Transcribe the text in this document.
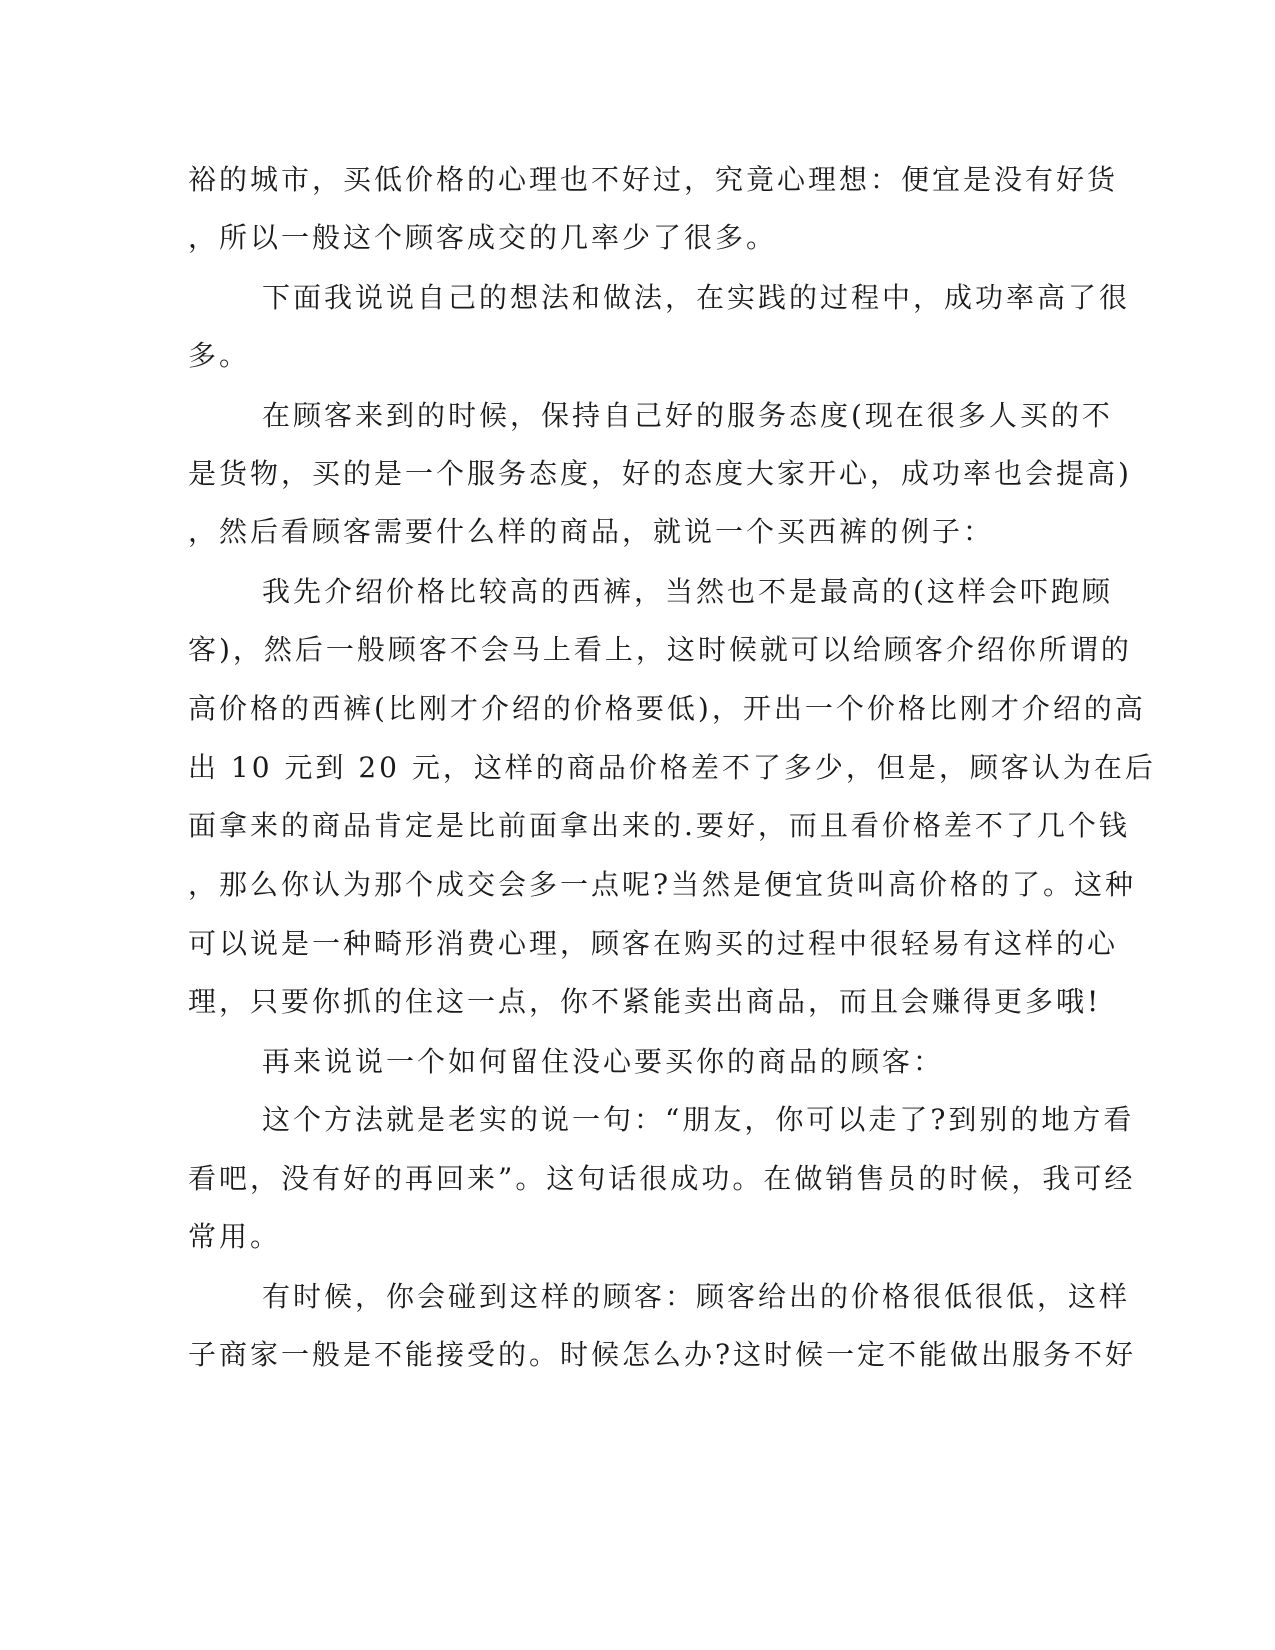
裕的城市，买低价格的心理也不好过，究竟心理想：便宜是没有好货
，所以一般这个顾客成交的几率少了很多。
下面我说说自己的想法和做法，在实践的过程中，成功率高了很
多。
在顾客来到的时候，保持自己好的服务态度(现在很多人买的不
是货物，买的是一个服务态度，好的态度大家开心，成功率也会提高)
，然后看顾客需要什么样的商品，就说一个买西裤的例子：
我先介绍价格比较高的西裤，当然也不是最高的(这样会吓跑顾
客)，然后一般顾客不会马上看上，这时候就可以给顾客介绍你所谓的
高价格的西裤(比刚才介绍的价格要低)，开出一个价格比刚才介绍的高
出 10 元到 20 元，这样的商品价格差不了多少，但是，顾客认为在后
面拿来的商品肯定是比前面拿出来的.要好，而且看价格差不了几个钱
，那么你认为那个成交会多一点呢?当然是便宜货叫高价格的了。这种
可以说是一种畸形消费心理，顾客在购买的过程中很轻易有这样的心
理，只要你抓的住这一点，你不紧能卖出商品，而且会赚得更多哦!
再来说说一个如何留住没心要买你的商品的顾客：
这个方法就是老实的说一句：“朋友，你可以走了?到别的地方看
看吧，没有好的再回来”。这句话很成功。在做销售员的时候，我可经
常用。
有时候，你会碰到这样的顾客：顾客给出的价格很低很低，这样
子商家一般是不能接受的。时候怎么办?这时候一定不能做出服务不好
